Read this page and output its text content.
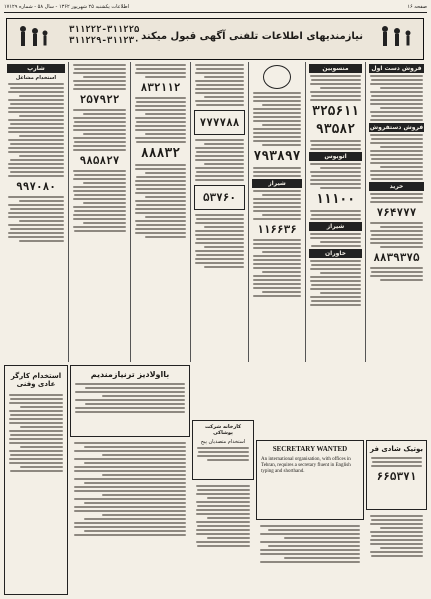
اطلاعات یکشنبه ۲۵ شهریور ۱۳۶۲ - سال ۵۸ - شماره ۱۷۱۲۹	صفحه ۱۶
۳۱۱۲۲۲-۳۱۱۲۲۵
۳۱۱۲۲۹-۳۱۱۲۳۰ نیازمندیهای اطلاعات تلفنی آگهی قبول میکند
فروش دست اول
فروش دستفروش
خرید
۷۶۴۷۷۷
۸۸۳۹۳۷۵
منسوبین
۳۲۵۶۱۱
۹۳۵۸۲
اتوبوس
۱۱۱۰۰
شیراز
خاوران
۷۹۳۸۹۷
شیراز
۱۱۶۶۳۶
۷۷۷۷۸۸
۵۳۷۶۰
۸۳۲۱۱۲
۸۸۸۳۲
۲۵۷۹۲۲
۹۸۵۸۲۷
شارپ
استخدام مشاغل
۹۹۷۰۸۰
استخدام کارگر عادی وفنی
بااولادیز ترنیازمندیم
کارخانه شرکت پوشاکی
استخدام متصدیان پیج
SECRETARY WANTED
An international organisation, with offices in Tehran, requires a secretary fluent in English typing and shorthand.
بوتیک شادی فر
۶۶۵۳۷۱
